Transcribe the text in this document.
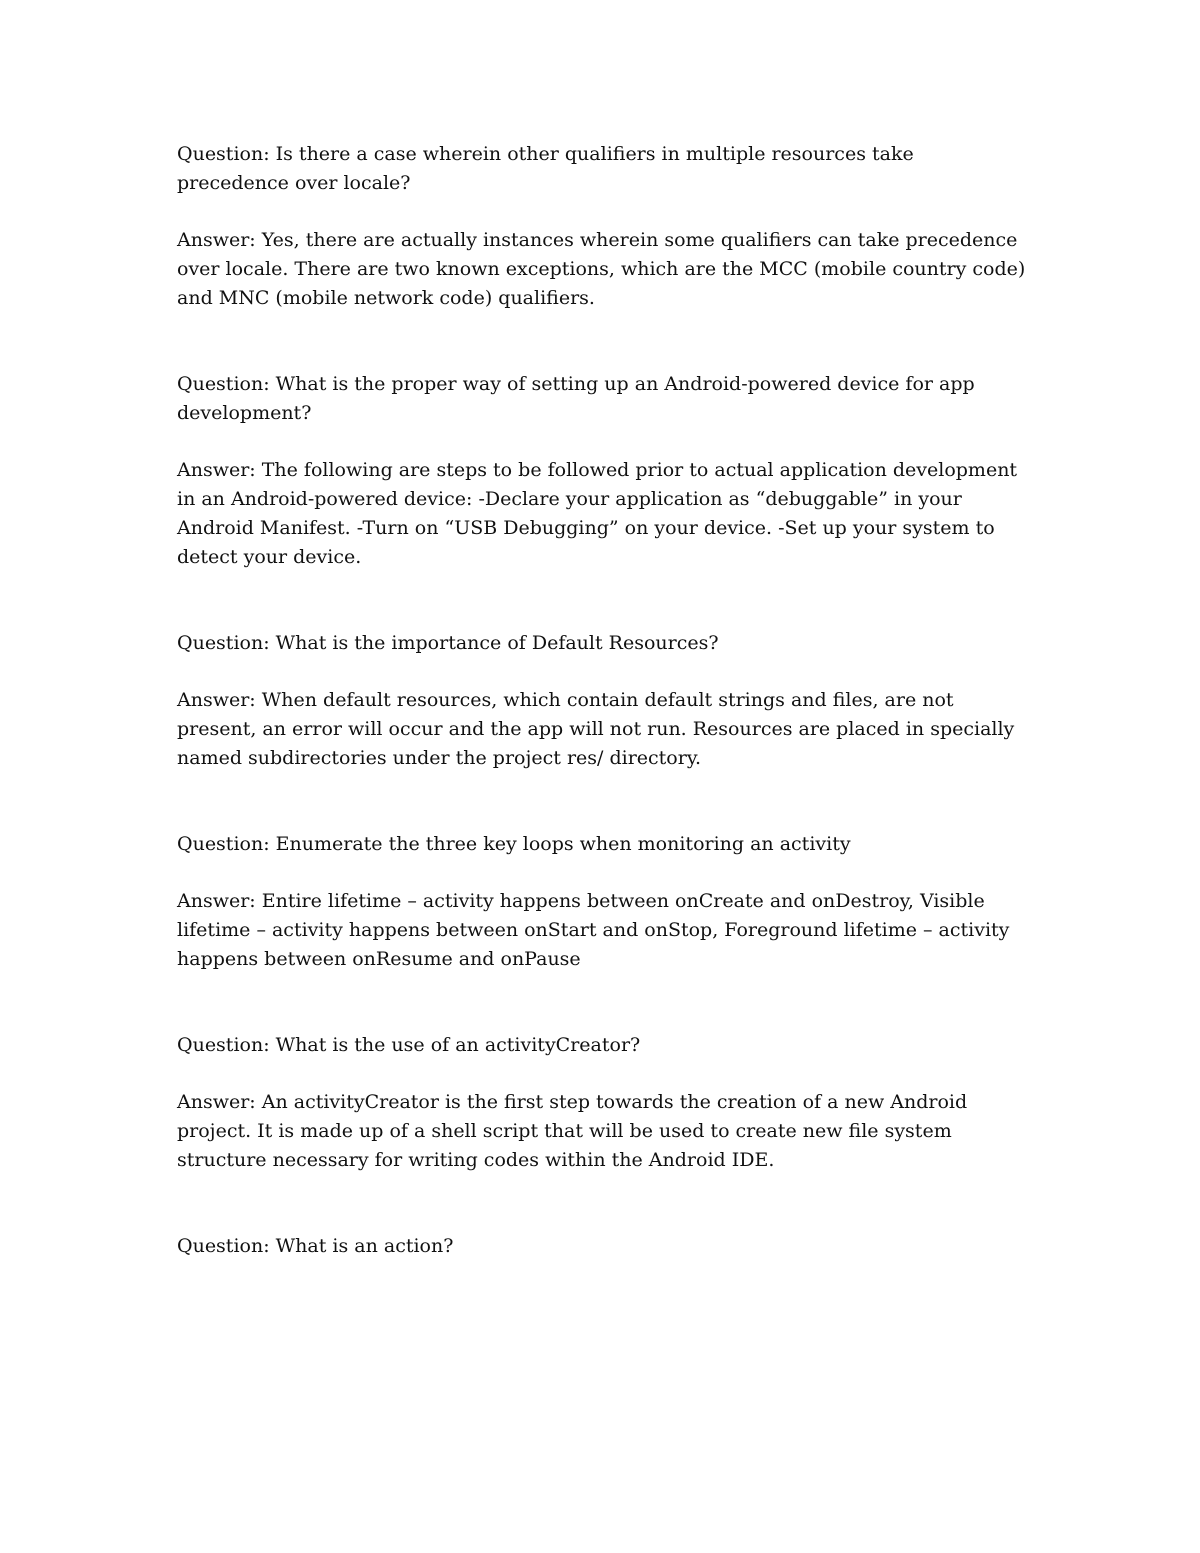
Question: Is there a case wherein other qualifiers in multiple resources take precedence over locale?

Answer: Yes, there are actually instances wherein some qualifiers can take precedence over locale. There are two known exceptions, which are the MCC (mobile country code) and MNC (mobile network code) qualifiers.

Question: What is the proper way of setting up an Android-powered device for app development?

Answer: The following are steps to be followed prior to actual application development in an Android-powered device: -Declare your application as “debuggable” in your Android Manifest. -Turn on “USB Debugging” on your device. -Set up your system to detect your device.

Question: What is the importance of Default Resources?

Answer: When default resources, which contain default strings and files, are not present, an error will occur and the app will not run. Resources are placed in specially named subdirectories under the project res/ directory.

Question: Enumerate the three key loops when monitoring an activity

Answer: Entire lifetime – activity happens between onCreate and onDestroy, Visible lifetime – activity happens between onStart and onStop, Foreground lifetime – activity happens between onResume and onPause

Question: What is the use of an activityCreator?

Answer: An activityCreator is the first step towards the creation of a new Android project. It is made up of a shell script that will be used to create new file system structure necessary for writing codes within the Android IDE.

Question: What is an action?
